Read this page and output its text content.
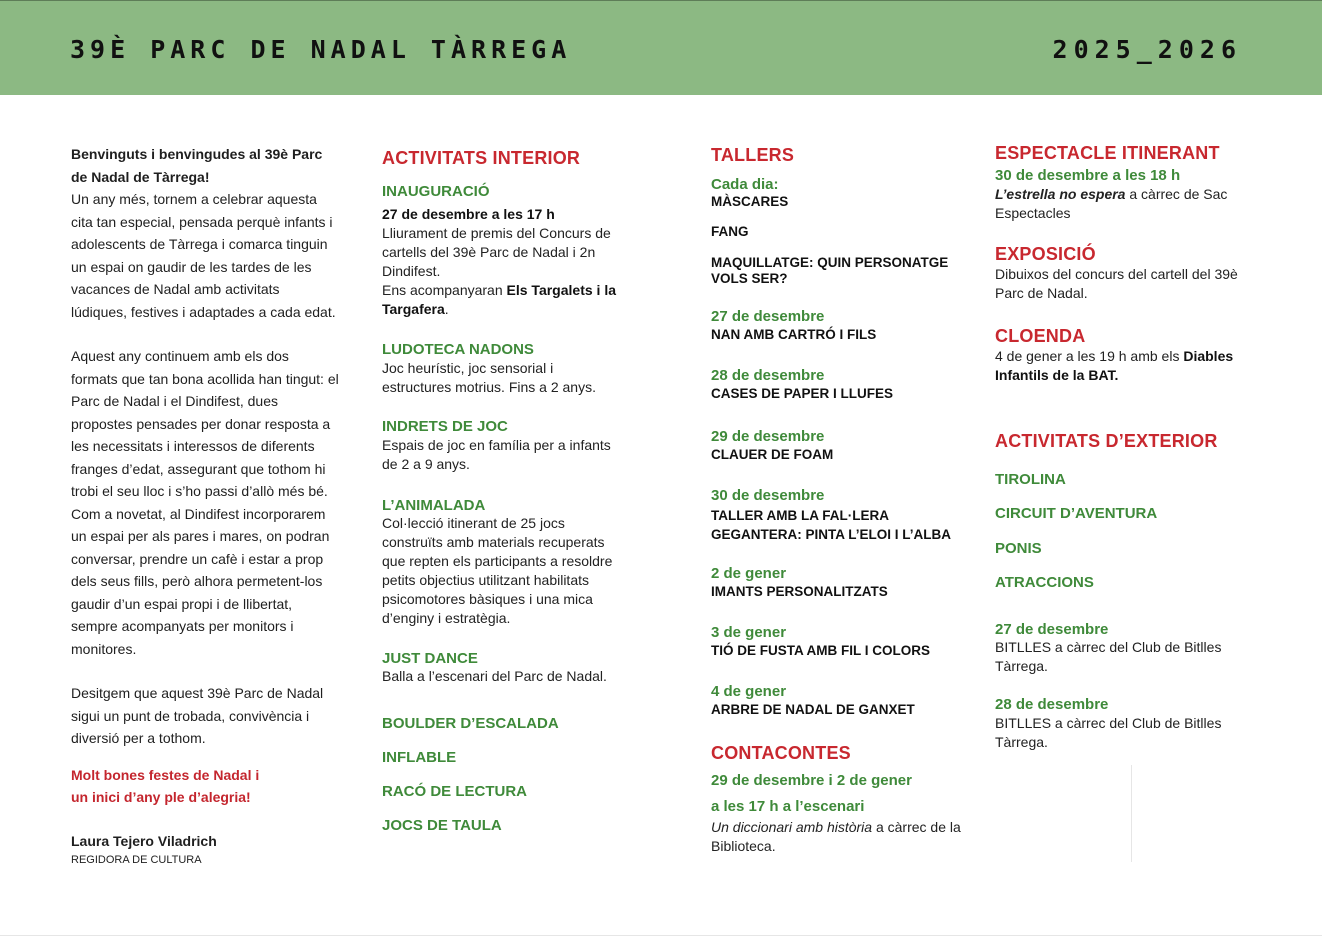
39È PARC DE NADAL TÀRREGA	2025_2026

Benvinguts i benvingudes al 39è Parc de Nadal de Tàrrega!

Un any més, tornem a celebrar aquesta cita tan especial, pensada perquè infants i adolescents de Tàrrega i comarca tinguin un espai on gaudir de les tardes de les vacances de Nadal amb activitats lúdiques, festives i adaptades a cada edat.

Aquest any continuem amb els dos formats que tan bona acollida han tingut: el Parc de Nadal i el Dindifest, dues propostes pensades per donar resposta a les necessitats i interessos de diferents franges d’edat, assegurant que tothom hi trobi el seu lloc i s’ho passi d’allò més bé.

Com a novetat, al Dindifest incorporarem un espai per als pares i mares, on podran conversar, prendre un cafè i estar a prop dels seus fills, però alhora permetent-los gaudir d’un espai propi i de llibertat, sempre acompanyats per monitors i monitores.

Desitgem que aquest 39è Parc de Nadal sigui un punt de trobada, convivència i diversió per a tothom.

Molt bones festes de Nadal i un inici d’any ple d’alegria!

Laura Tejero Viladrich

REGIDORA DE CULTURA

ACTIVITATS INTERIOR
INAUGURACIÓ
27 de desembre a les 17 h
Lliurament de premis del Concurs de cartells del 39è Parc de Nadal i 2n Dindifest.
Ens acompanyaran Els Targalets i la Targafera.
LUDOTECA NADONS
Joc heurístic, joc sensorial i estructures motrius. Fins a 2 anys.
INDRETS DE JOC
Espais de joc en família per a infants de 2 a 9 anys.
L’ANIMALADA
Col·lecció itinerant de 25 jocs construïts amb materials recuperats que repten els participants a resoldre petits objectius utilitzant habilitats psicomotores bàsiques i una mica d’enginy i estratègia.
JUST DANCE
Balla a l’escenari del Parc de Nadal.
BOULDER D’ESCALADA
INFLABLE
RACÓ DE LECTURA
JOCS DE TAULA
TALLERS
Cada dia:
MÀSCARES
FANG
MAQUILLATGE: QUIN PERSONATGE VOLS SER?
27 de desembre
NAN AMB CARTRÓ I FILS
28 de desembre
CASES DE PAPER I LLUFES
29 de desembre
CLAUER DE FOAM
30 de desembre
TALLER AMB LA FAL·LERA GEGANTERA: PINTA L’ELOI I L’ALBA
2 de gener
IMANTS PERSONALITZATS
3 de gener
TIÓ DE FUSTA AMB FIL I COLORS
4 de gener
ARBRE DE NADAL DE GANXET
CONTACONTES
29 de desembre i 2 de gener
a les 17 h a l’escenari
Un diccionari amb història a càrrec de la Biblioteca.
ESPECTACLE ITINERANT
30 de desembre a les 18 h
L’estrella no espera a càrrec de Sac Espectacles
EXPOSICIÓ
Dibuixos del concurs del cartell del 39è Parc de Nadal.
CLOENDA
4 de gener a les 19 h amb els Diables Infantils de la BAT.
ACTIVITATS D’EXTERIOR
TIROLINA
CIRCUIT D’AVENTURA
PONIS
ATRACCIONS
27 de desembre
BITLLES a càrrec del Club de Bitlles Tàrrega.
28 de desembre
BITLLES a càrrec del Club de Bitlles Tàrrega.
